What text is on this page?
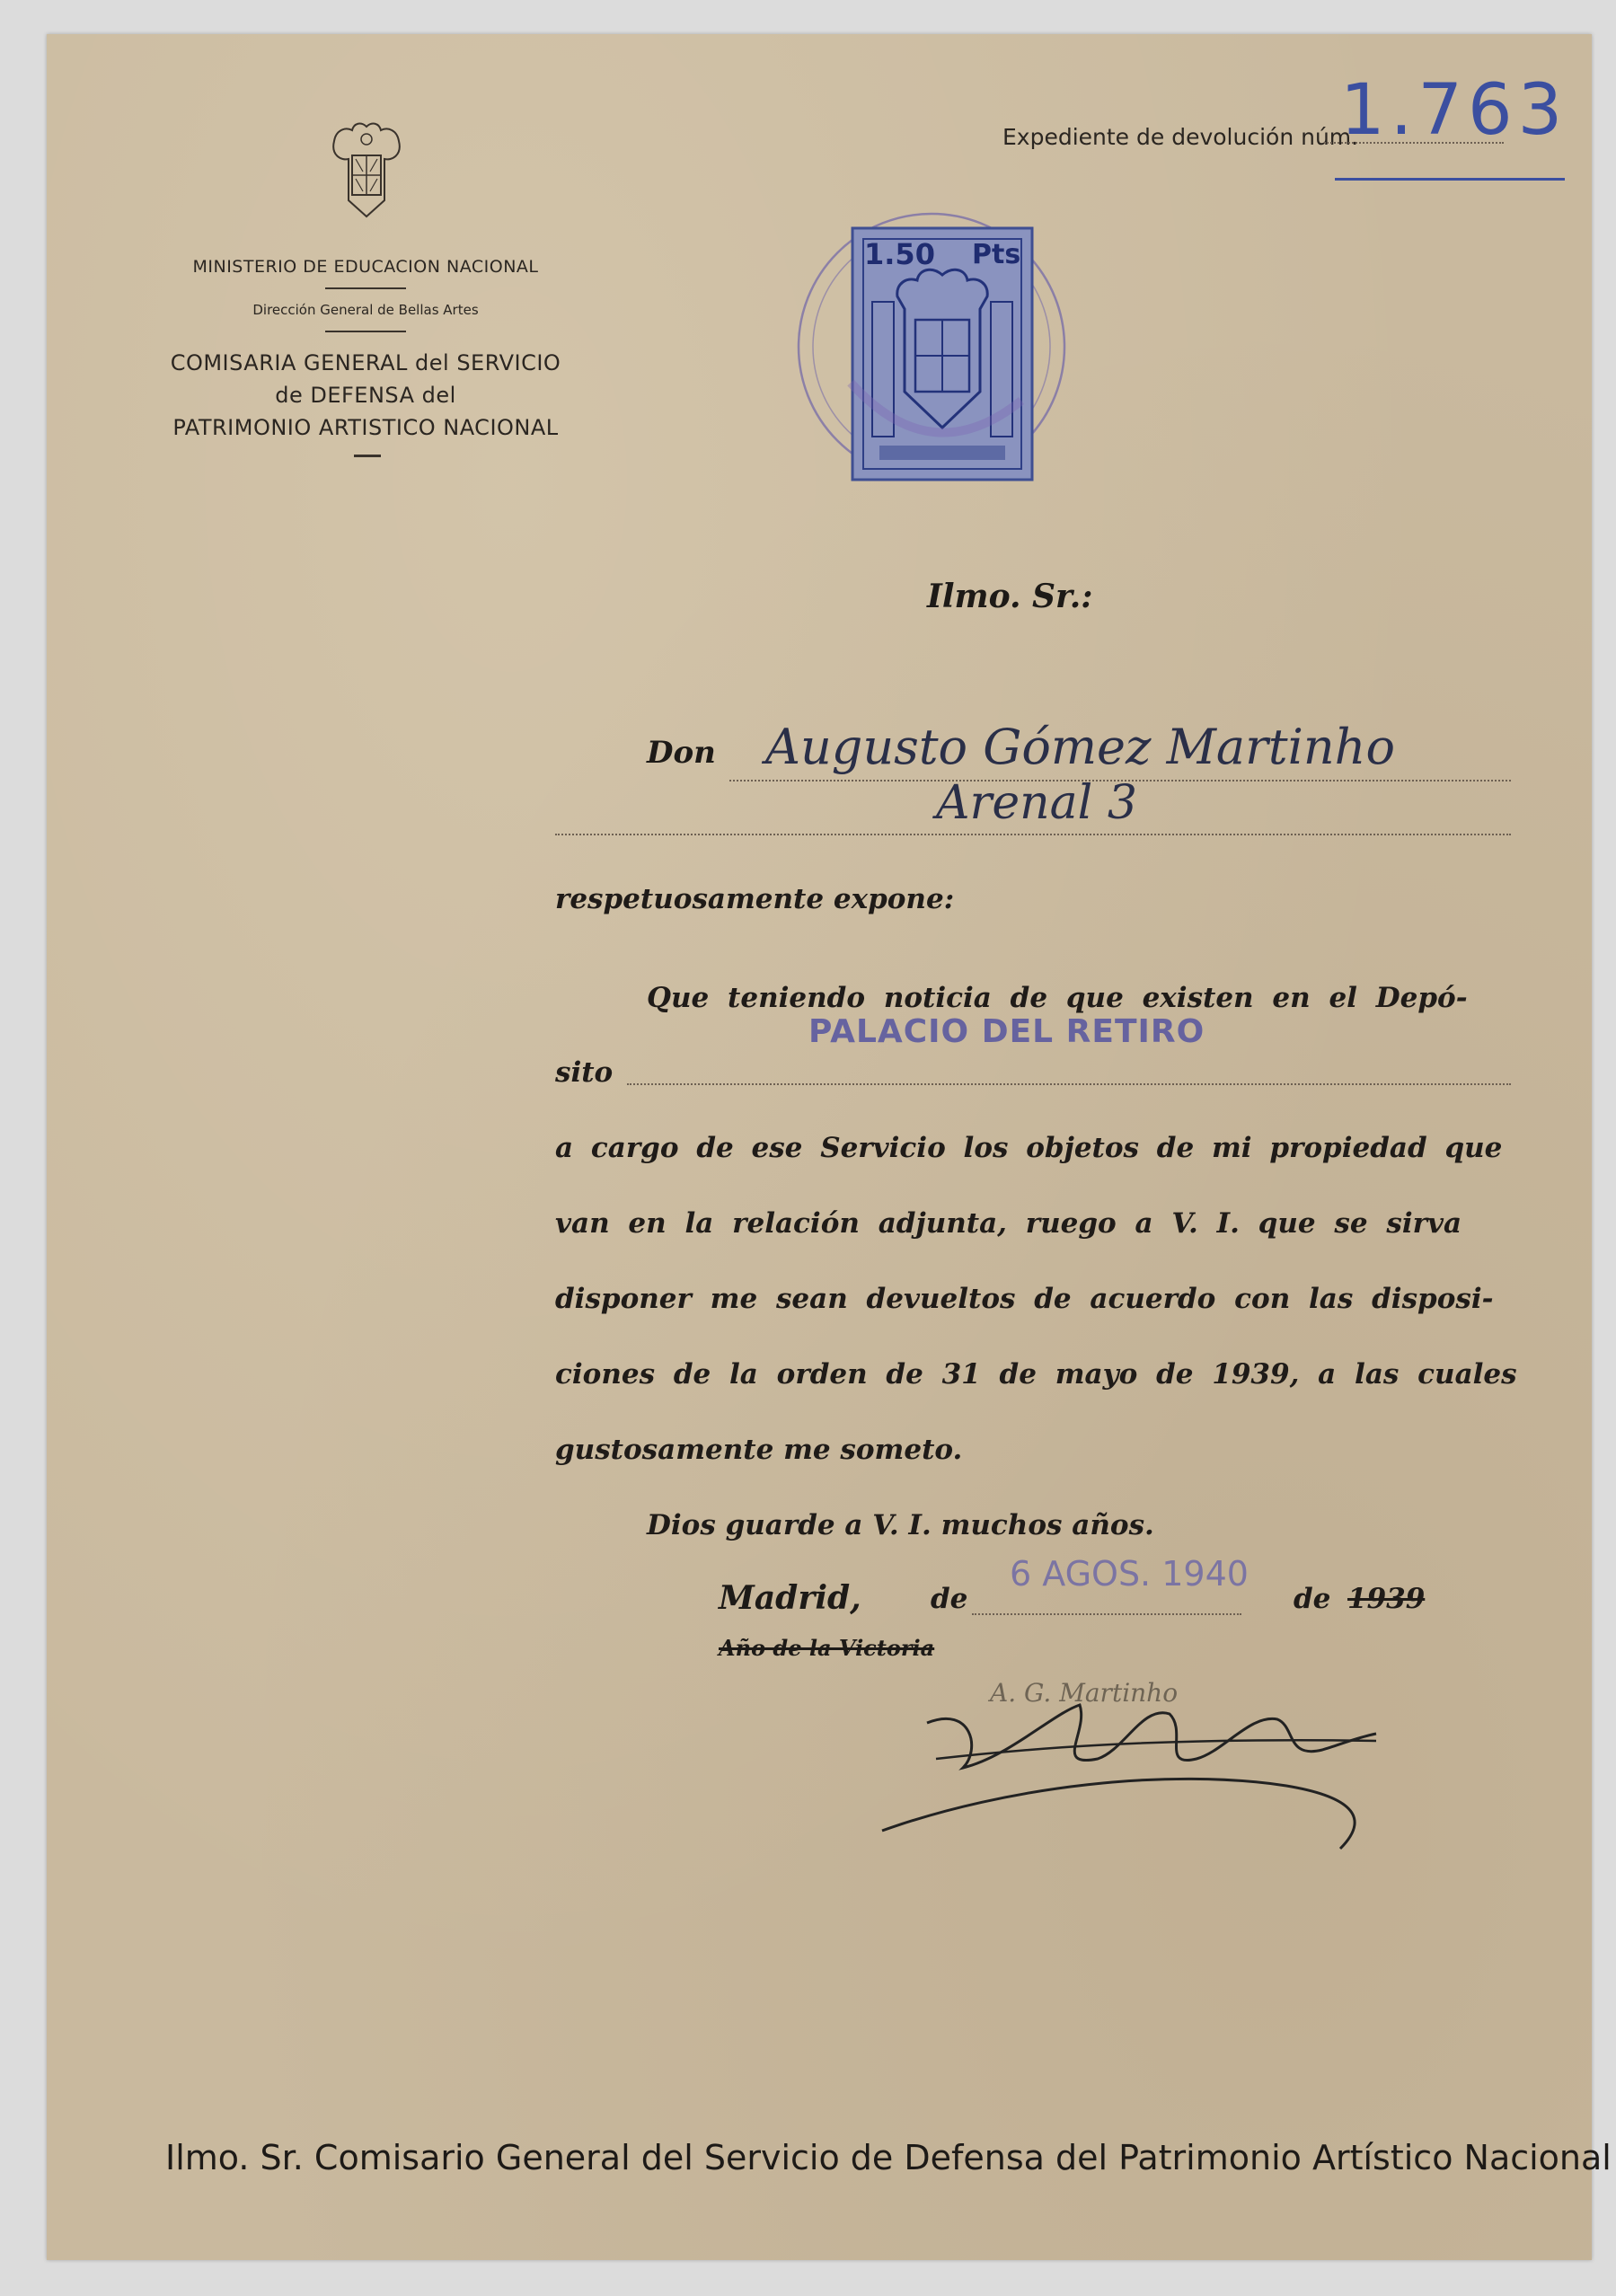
MINISTERIO DE EDUCACION NACIONAL
Dirección General de Bellas Artes
COMISARIA GENERAL del SERVICIO
de DEFENSA del
PATRIMONIO ARTISTICO NACIONAL
Expediente de devolución núm.
1.763
1.50 Pts
Ilmo. Sr.:
Don Augusto Gómez Martinho
Arenal 3
respetuosamente expone:
Que teniendo noticia de que existen en el Depó-
sito
PALACIO DEL RETIRO
a cargo de ese Servicio los objetos de mi propiedad que
van en la relación adjunta, ruego a V. I. que se sirva
disponer me sean devueltos de acuerdo con las disposi-
ciones de la orden de 31 de mayo de 1939, a las cuales
gustosamente me someto.
Dios guarde a V. I. muchos años.
Madrid, de
6 AGOS. 1940
de 1939
Año de la Victoria
A. G. Martinho
Ilmo. Sr. Comisario General del Servicio de Defensa del Patrimonio Artístico Nacional
